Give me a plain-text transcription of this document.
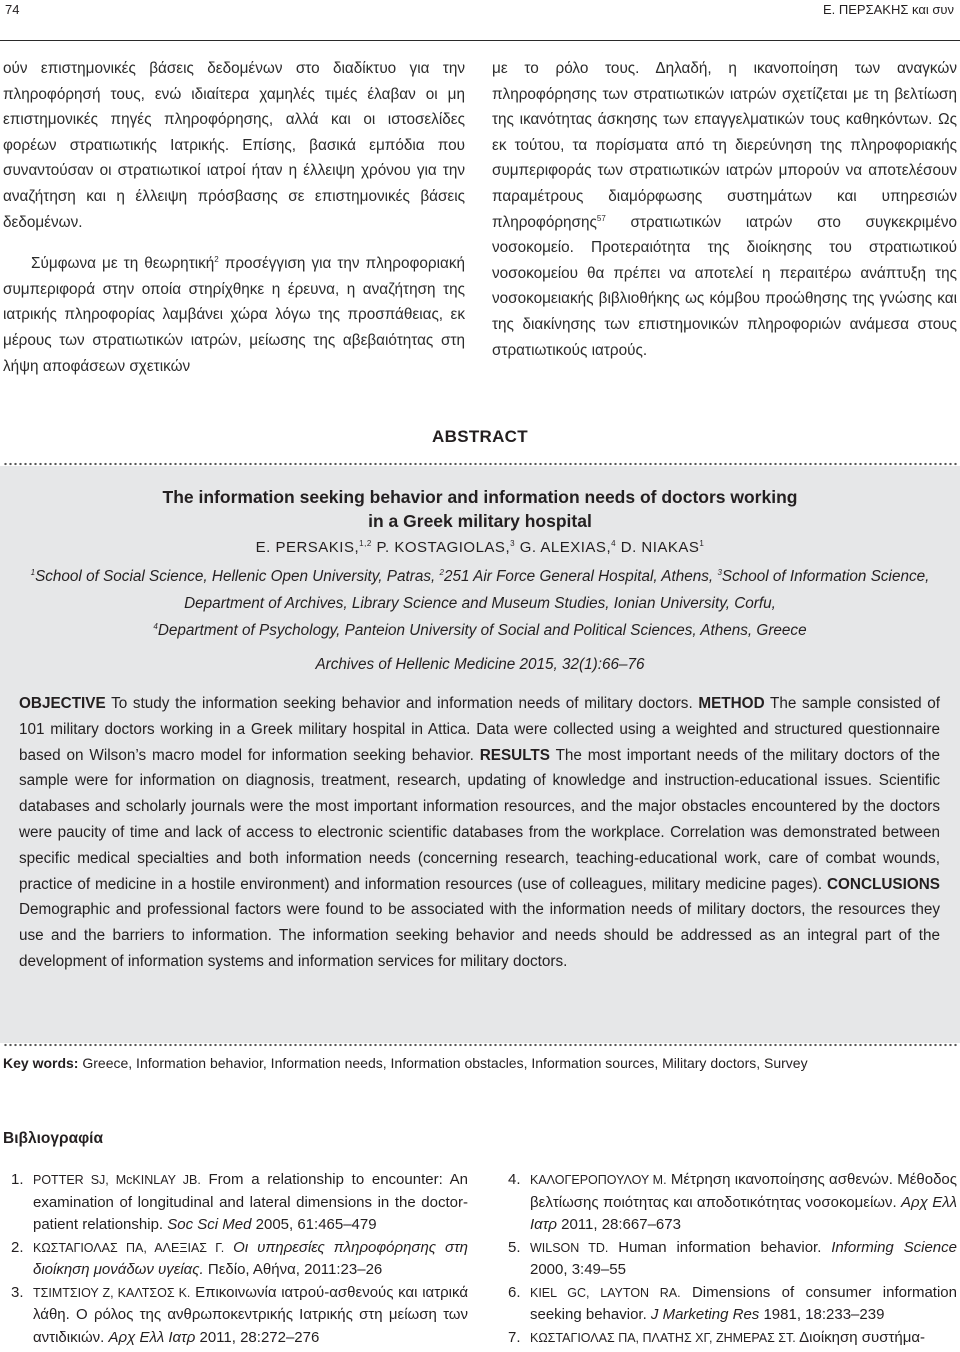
74	Ε. ΠΕΡΣΑΚΗΣ και συν

ούν επιστημονικές βάσεις δεδομένων στο διαδίκτυο για την πληροφόρησή τους, ενώ ιδιαίτερα χαμηλές τιμές έλαβαν οι μη επιστημονικές πηγές πληροφόρησης, αλλά και οι ιστοσελίδες φορέων στρατιωτικής Ιατρικής. Επίσης, βασικά εμπόδια που συναντούσαν οι στρατιωτικοί ιατροί ήταν η έλλειψη χρόνου για την αναζήτηση και η έλλειψη πρόσβασης σε επιστημονικές βάσεις δεδομένων.

Σύμφωνα με τη θεωρητική$^2$ προσέγγιση για την πληροφοριακή συμπεριφορά στην οποία στηρίχθηκε η έρευνα, η αναζήτηση της ιατρικής πληροφορίας λαμβάνει χώρα λόγω της προσπάθειας, εκ μέρους των στρατιωτικών ιατρών, μείωσης της αβεβαιότητας στη λήψη αποφάσεων σχετικών

με το ρόλο τους. Δηλαδή, η ικανοποίηση των αναγκών πληροφόρησης των στρατιωτικών ιατρών σχετίζεται με τη βελτίωση της ικανότητας άσκησης των επαγγελματικών τους καθηκόντων. Ως εκ τούτου, τα πορίσματα από τη διερεύνηση της πληροφοριακής συμπεριφοράς των στρατιωτικών ιατρών μπορούν να αποτελέσουν παραμέτρους διαμόρφωσης συστημάτων και υπηρεσιών πληροφόρησης$^{57}$ στρατιωτικών ιατρών στο συγκεκριμένο νοσοκομείο. Προτεραιότητα της διοίκησης του στρατιωτικού νοσοκομείου θα πρέπει να αποτελεί η περαιτέρω ανάπτυξη της νοσοκομειακής βιβλιοθήκης ως κόμβου προώθησης της γνώσης και της διακίνησης των επιστημονικών πληροφοριών ανάμεσα στους στρατιωτικούς ιατρούς.

ABSTRACT
The information seeking behavior and information needs of doctors working
in a Greek military hospital
E. PERSAKIS,$^{1,2}$ P. KOSTAGIOLAS,$^3$ G. ALEXIAS,$^4$ D. NIAKAS$^1$
$^1$School of Social Science, Hellenic Open University, Patras, $^2$251 Air Force General Hospital, Athens, $^3$School of Information Science, Department of Archives, Library Science and Museum Studies, Ionian University, Corfu,
$^4$Department of Psychology, Panteion University of Social and Political Sciences, Athens, Greece
Archives of Hellenic Medicine 2015, 32(1):66–76
OBJECTIVE To study the information seeking behavior and information needs of military doctors. METHOD The sample consisted of 101 military doctors working in a Greek military hospital in Attica. Data were collected using a weighted and structured questionnaire based on Wilson’s macro model for information seeking behavior. RESULTS The most important needs of the military doctors of the sample were for information on diagnosis, treatment, research, updating of knowledge and instruction-educational issues. Scientific databases and scholarly journals were the most important information resources, and the major obstacles encountered by the doctors were paucity of time and lack of access to electronic scientific databases from the workplace. Correlation was demonstrated between specific medical specialties and both information needs (concerning research, teaching-educational work, care of combat wounds, practice of medicine in a hostile environment) and information resources (use of colleagues, military medicine pages). CONCLUSIONS Demographic and professional factors were found to be associated with the information needs of military doctors, the resources they use and the barriers to information. The information seeking behavior and needs should be addressed as an integral part of the development of information systems and information services for military doctors.
Key words: Greece, Information behavior, Information needs, Information obstacles, Information sources, Military doctors, Survey
Βιβλιογραφία

1. POTTER SJ, McKINLAY JB. From a relationship to encounter: An examination of longitudinal and lateral dimensions in the doctor-patient relationship. Soc Sci Med 2005, 61:465–479

2. ΚΩΣΤΑΓΙΟΛΑΣ ΠΑ, ΑΛΕΞΙΑΣ Γ. Οι υπηρεσίες πληροφόρησης στη διοίκηση μονάδων υγείας. Πεδίο, Αθήνα, 2011:23–26

3. ΤΣΙΜΤΣΙΟΥ Ζ, ΚΑΛΤΣΟΣ Κ. Επικοινωνία ιατρού-ασθενούς και ιατρικά λάθη. Ο ρόλος της ανθρωποκεντρικής Ιατρικής στη μείωση των αντιδικιών. Αρχ Ελλ Ιατρ 2011, 28:272–276

4. ΚΑΛΟΓΕΡΟΠΟΥΛΟΥ Μ. Μέτρηση ικανοποίησης ασθενών. Μέθοδος βελτίωσης ποιότητας και αποδοτικότητας νοσοκομείων. Αρχ Ελλ Ιατρ 2011, 28:667–673

5. WILSON TD. Human information behavior. Informing Science 2000, 3:49–55

6. KIEL GC, LAYTON RA. Dimensions of consumer information seeking behavior. J Marketing Res 1981, 18:233–239

7. ΚΩΣΤΑΓΙΟΛΑΣ ΠΑ, ΠΛΑΤΗΣ ΧΓ, ΖΗΜΕΡΑΣ ΣΤ. Διοίκηση συστήμα-
